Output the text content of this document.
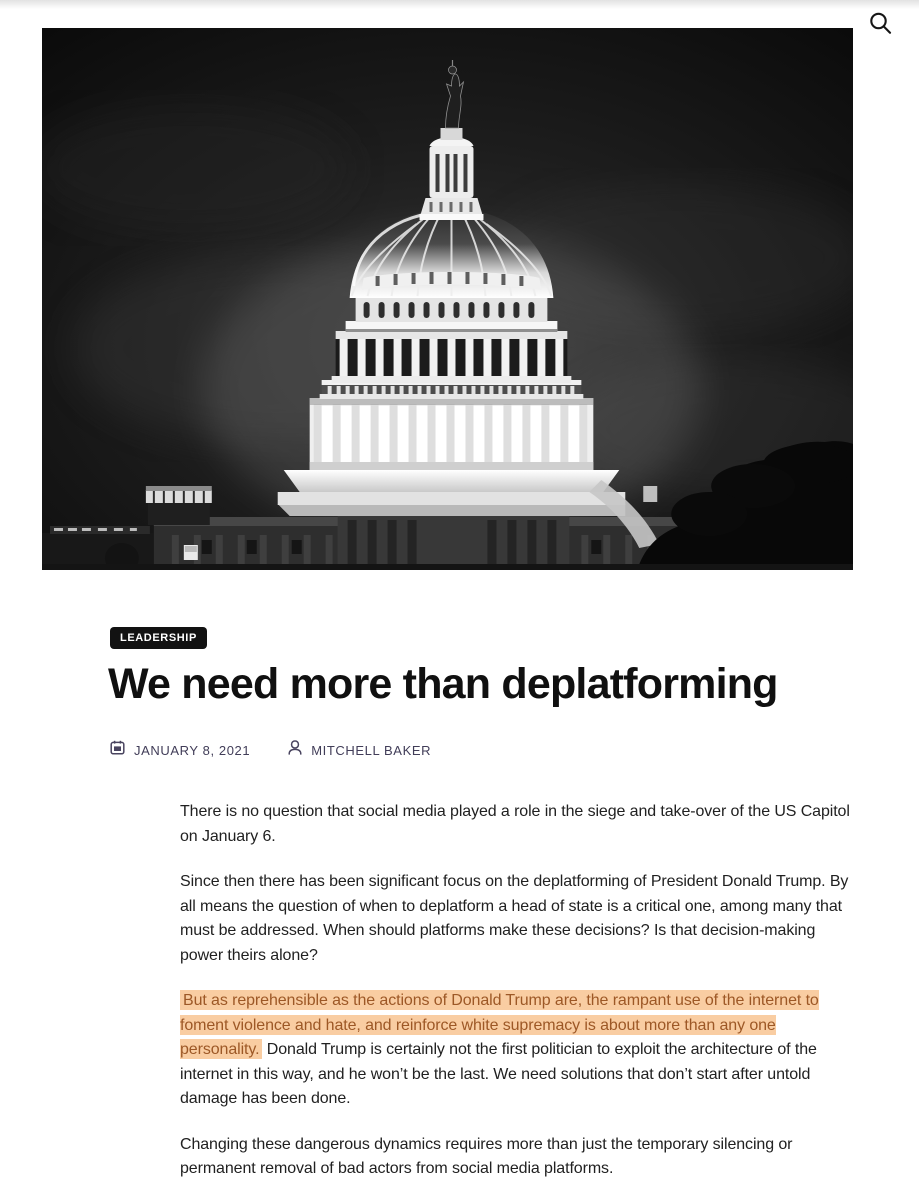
LEADERSHIP
We need more than deplatforming
JANUARY 8, 2021	MITCHELL BAKER

There is no question that social media played a role in the siege and take-over of the US Capitol on January 6.

Since then there has been significant focus on the deplatforming of President Donald Trump. By all means the question of when to deplatform a head of state is a critical one, among many that must be addressed. When should platforms make these decisions? Is that decision-making power theirs alone?

But as reprehensible as the actions of Donald Trump are, the rampant use of the internet to foment violence and hate, and reinforce white supremacy is about more than any one personality. Donald Trump is certainly not the first politician to exploit the architecture of the internet in this way, and he won’t be the last. We need solutions that don’t start after untold damage has been done.

Changing these dangerous dynamics requires more than just the temporary silencing or permanent removal of bad actors from social media platforms.
